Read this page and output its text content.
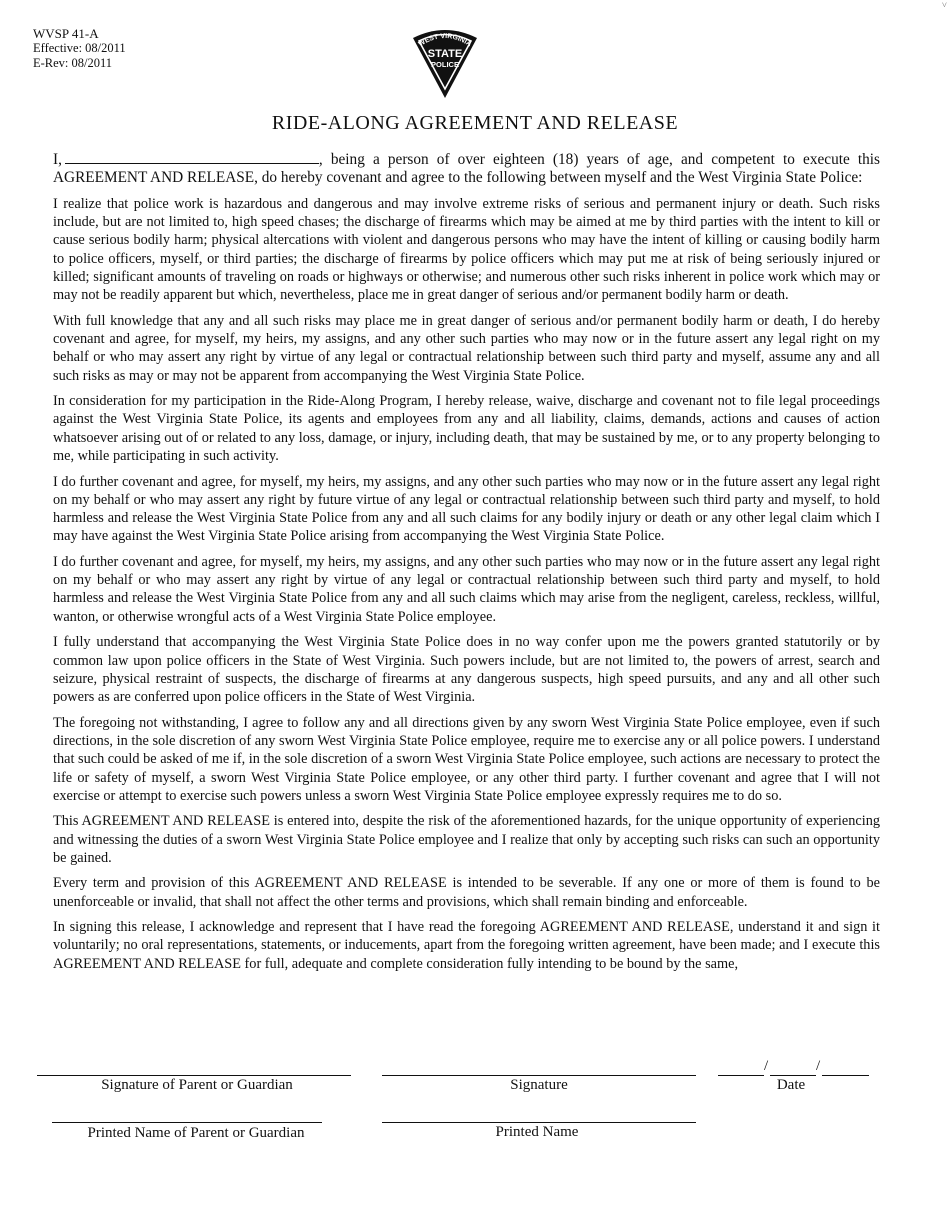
˅
WVSP 41-A
Effective: 08/2011
E-Rev: 08/2011
WEST VIRGINIA
STATE
POLICE
RIDE-ALONG AGREEMENT AND RELEASE

I,	, being a person of over eighteen (18) years of age, and competent to execute this AGREEMENT AND RELEASE, do hereby covenant and agree to the following between myself and the West Virginia State Police:

I realize that police work is hazardous and dangerous and may involve extreme risks of serious and permanent injury or death. Such risks include, but are not limited to, high speed chases; the discharge of firearms which may be aimed at me by third parties with the intent to kill or cause serious bodily harm; physical altercations with violent and dangerous persons who may have the intent of killing or causing bodily harm to police officers, myself, or third parties; the discharge of firearms by police officers which may put me at risk of being seriously injured or killed; significant amounts of traveling on roads or highways or otherwise; and numerous other such risks inherent in police work which may or may not be readily apparent but which, nevertheless, place me in great danger of serious and/or permanent bodily harm or death.

With full knowledge that any and all such risks may place me in great danger of serious and/or permanent bodily harm or death, I do hereby covenant and agree, for myself, my heirs, my assigns, and any other such parties who may now or in the future assert any legal right on my behalf or who may assert any right by virtue of any legal or contractual relationship between such third party and myself, assume any and all such risks as may or may not be apparent from accompanying the West Virginia State Police.

In consideration for my participation in the Ride-Along Program, I hereby release, waive, discharge and covenant not to file legal proceedings against the West Virginia State Police, its agents and employees from any and all liability, claims, demands, actions and causes of action whatsoever arising out of or related to any loss, damage, or injury, including death, that may be sustained by me, or to any property belonging to me, while participating in such activity.

I do further covenant and agree, for myself, my heirs, my assigns, and any other such parties who may now or in the future assert any legal right on my behalf or who may assert any right by future virtue of any legal or contractual relationship between such third party and myself, to hold harmless and release the West Virginia State Police from any and all such claims for any bodily injury or death or any other legal claim which I may have against the West Virginia State Police arising from accompanying the West Virginia State Police.

I do further covenant and agree, for myself, my heirs, my assigns, and any other such parties who may now or in the future assert any legal right on my behalf or who may assert any right by virtue of any legal or contractual relationship between such third party and myself, to hold harmless and release the West Virginia State Police from any and all such claims which may arise from the negligent, careless, reckless, willful, wanton, or otherwise wrongful acts of a West Virginia State Police employee.

I fully understand that accompanying the West Virginia State Police does in no way confer upon me the powers granted statutorily or by common law upon police officers in the State of West Virginia. Such powers include, but are not limited to, the powers of arrest, search and seizure, physical restraint of suspects, the discharge of firearms at any dangerous suspects, high speed pursuits, and any and all other such powers as are conferred upon police officers in the State of West Virginia.

The foregoing not withstanding, I agree to follow any and all directions given by any sworn West Virginia State Police employee, even if such directions, in the sole discretion of any sworn West Virginia State Police employee, require me to exercise any or all police powers. I understand that such could be asked of me if, in the sole discretion of a sworn West Virginia State Police employee, such actions are necessary to protect the life or safety of myself, a sworn West Virginia State Police employee, or any other third party. I further covenant and agree that I will not exercise or attempt to exercise such powers unless a sworn West Virginia State Police employee expressly requires me to do so.

This AGREEMENT AND RELEASE is entered into, despite the risk of the aforementioned hazards, for the unique opportunity of experiencing and witnessing the duties of a sworn West Virginia State Police employee and I realize that only by accepting such risks can such an opportunity be gained.

Every term and provision of this AGREEMENT AND RELEASE is intended to be severable. If any one or more of them is found to be unenforceable or invalid, that shall not affect the other terms and provisions, which shall remain binding and enforceable.

In signing this release, I acknowledge and represent that I have read the foregoing AGREEMENT AND RELEASE, understand it and sign it voluntarily; no oral representations, statements, or inducements, apart from the foregoing written agreement, have been made; and I execute this AGREEMENT AND RELEASE for full, adequate and complete consideration fully intending to be bound by the same,

Signature of Parent or Guardian	Signature
/	/
Date
Printed Name of Parent or Guardian	Printed Name
